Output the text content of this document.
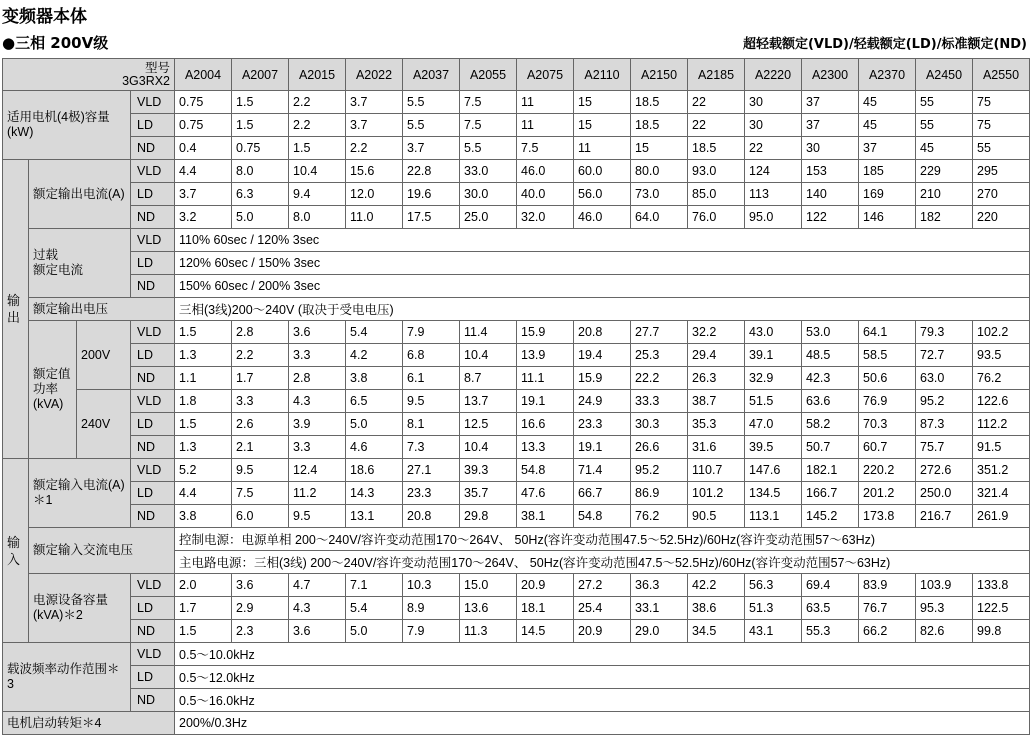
变频器本体
●三相 200V级	超轻载额定(VLD)/轻载额定(LD)/标准额定(ND)
型号
3G3RX2				A2004	A2007	A2015	A2022	A2037	A2055	A2075	A2110	A2150	A2185	A2220	A2300	A2370	A2450	A2550
适用电机(4极)容量(kW)			VLD	0.75	1.5	2.2	3.7	5.5	7.5	11	15	18.5	22	30	37	45	55	75
			LD	0.75	1.5	2.2	3.7	5.5	7.5	11	15	18.5	22	30	37	45	55	75
			ND	0.4	0.75	1.5	2.2	3.7	5.5	7.5	11	15	18.5	22	30	37	45	55

输出	额定输出电流(A)		VLD	4.4	8.0	10.4	15.6	22.8	33.0	46.0	60.0	80.0	93.0	124	153	185	229	295
			LD	3.7	6.3	9.4	12.0	19.6	30.0	40.0	56.0	73.0	85.0	113	140	169	210	270
			ND	3.2	5.0	8.0	11.0	17.5	25.0	32.0	46.0	64.0	76.0	95.0	122	146	182	220

	过载
额定电流		VLD	110% 60sec / 120% 3sec														
			LD	120% 60sec / 150% 3sec														
			ND	150% 60sec / 200% 3sec														
	额定输出电压			三相(3线)200～240V (取决于受电电压)														
	额定值功率(kVA)	200V	VLD	1.5	2.8	3.6	5.4	7.9	11.4	15.9	20.8	27.7	32.2	43.0	53.0	64.1	79.3	102.2
			LD	1.3	2.2	3.3	4.2	6.8	10.4	13.9	19.4	25.3	29.4	39.1	48.5	58.5	72.7	93.5
			ND	1.1	1.7	2.8	3.8	6.1	8.7	11.1	15.9	22.2	26.3	32.9	42.3	50.6	63.0	76.2
		240V	VLD	1.8	3.3	4.3	6.5	9.5	13.7	19.1	24.9	33.3	38.7	51.5	63.6	76.9	95.2	122.6
			LD	1.5	2.6	3.9	5.0	8.1	12.5	16.6	23.3	30.3	35.3	47.0	58.2	70.3	87.3	112.2
			ND	1.3	2.1	3.3	4.6	7.3	10.4	13.3	19.1	26.6	31.6	39.5	50.7	60.7	75.7	91.5

输入	额定输入电流(A)＊1		VLD	5.2	9.5	12.4	18.6	27.1	39.3	54.8	71.4	95.2	110.7	147.6	182.1	220.2	272.6	351.2
			LD	4.4	7.5	11.2	14.3	23.3	35.7	47.6	66.7	86.9	101.2	134.5	166.7	201.2	250.0	321.4
			ND	3.8	6.0	9.5	13.1	20.8	29.8	38.1	54.8	76.2	90.5	113.1	145.2	173.8	216.7	261.9
	额定输入交流电压			控制电源：电源单相 200～240V/容许变动范围170～264V、 50Hz(容许变动范围47.5～52.5Hz)/60Hz(容许变动范围57～63Hz)														
				主电路电源：三相(3线) 200～240V/容许变动范围170～264V、 50Hz(容许变动范围47.5～52.5Hz)/60Hz(容许变动范围57～63Hz)														
	电源设备容量(kVA)＊2		VLD	2.0	3.6	4.7	7.1	10.3	15.0	20.9	27.2	36.3	42.2	56.3	69.4	83.9	103.9	133.8
			LD	1.7	2.9	4.3	5.4	8.9	13.6	18.1	25.4	33.1	38.6	51.3	63.5	76.7	95.3	122.5
			ND	1.5	2.3	3.6	5.0	7.9	11.3	14.5	20.9	29.0	34.5	43.1	55.3	66.2	82.6	99.8
载波频率动作范围＊3			VLD	0.5～10.0kHz														
			LD	0.5～12.0kHz														
			ND	0.5～16.0kHz														
电机启动转矩＊4				200%/0.3Hz														
